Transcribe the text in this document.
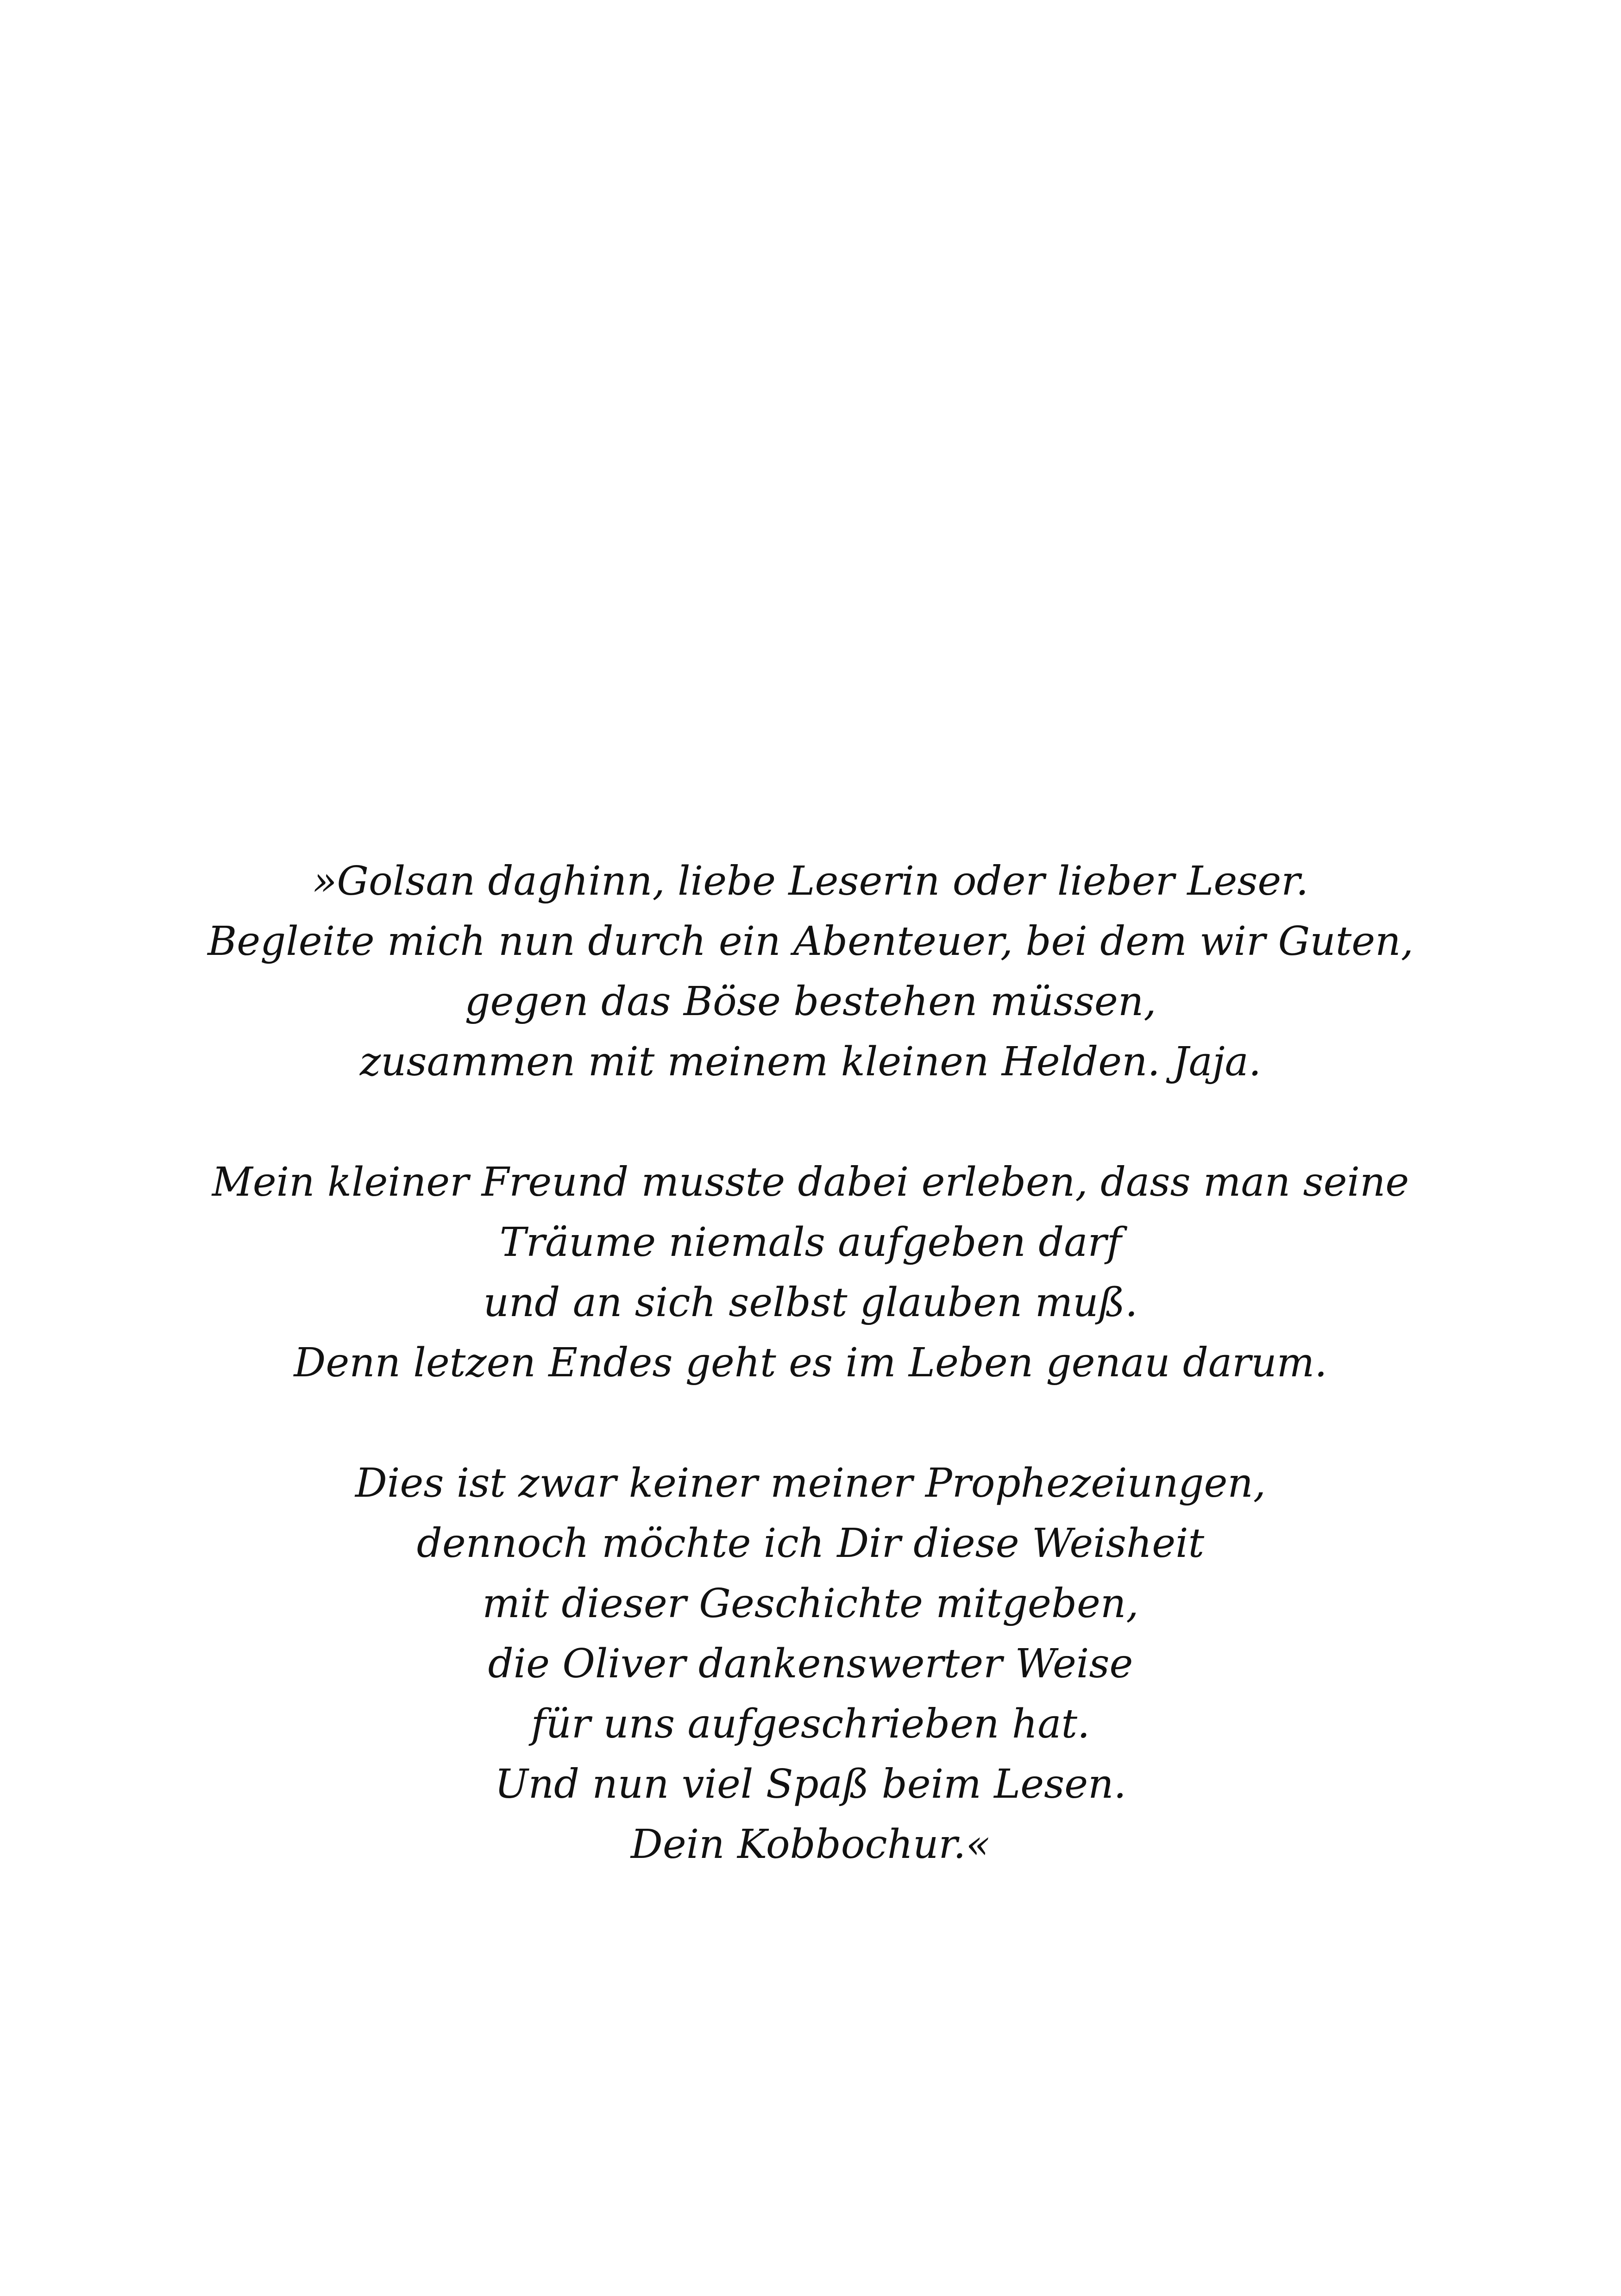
»Golsan daghinn, liebe Leserin oder lieber Leser.
Begleite mich nun durch ein Abenteuer, bei dem wir Guten,
gegen das Böse bestehen müssen,
zusammen mit meinem kleinen Helden. Jaja.
Mein kleiner Freund musste dabei erleben, dass man seine
Träume niemals aufgeben darf
und an sich selbst glauben muß.
Denn letzen Endes geht es im Leben genau darum.
Dies ist zwar keiner meiner Prophezeiungen,
dennoch möchte ich Dir diese Weisheit
mit dieser Geschichte mitgeben,
die Oliver dankenswerter Weise
für uns aufgeschrieben hat.
Und nun viel Spaß beim Lesen.
Dein Kobbochur.«
